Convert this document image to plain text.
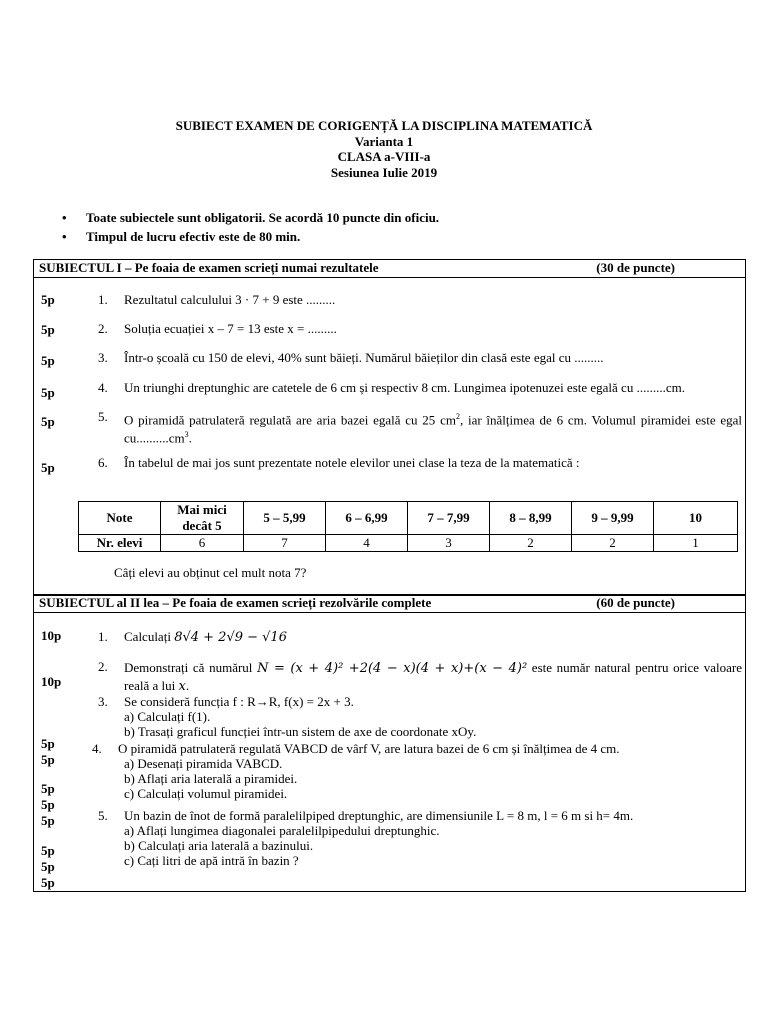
SUBIECT EXAMEN DE CORIGENȚĂ LA DISCIPLINA MATEMATICĂ
Varianta 1
CLASA a-VIII-a
Sesiunea Iulie 2019
• Toate subiectele sunt obligatorii. Se acordă 10 puncte din oficiu.
• Timpul de lucru efectiv este de 80 min.
SUBIECTUL I – Pe foaia de examen scrieți numai rezultatele	(30 de puncte)
5p	1. Rezultatul calculului 3 · 7 + 9 este .........
5p	2. Soluția ecuației x – 7 = 13 este x = .........
5p	3. Într-o școală cu 150 de elevi, 40% sunt băieți. Numărul băieților din clasă este egal cu .........
5p	4. Un triunghi dreptunghic are catetele de 6 cm și respectiv 8 cm. Lungimea ipotenuzei este egală cu .........cm.
5p	5. O piramidă patrulateră regulată are aria bazei egală cu 25 $cm^2$, iar înălțimea de 6 cm. Volumul piramidei este egal $cu..........cm^3$.
5p	6. În tabelul de mai jos sunt prezentate notele elevilor unei clase la teza de la matematică :
Note	Mai mici
decât 5	5 – 5,99	6 – 6,99	7 – 7,99	8 – 8,99	9 – 9,99	10
Nr. elevi	6	7	4	3	2	2	1
Câți elevi au obținut cel mult nota 7?
SUBIECTUL al II lea – Pe foaia de examen scrieți rezolvările complete	(60 de puncte)
10p
10p
5p
5p
5p
5p
5p
5p
5p
5p
1. Calculați 8√4 + 2√9 − √16
2. Demonstrați că numărul N = (x + 4)² +2(4 − x)(4 + x)+(x − 4)² este număr natural pentru orice valoare reală a lui x.
3. Se consideră funcția f : R→R, f(x) = 2x + 3.
a) Calculați f(1).
b) Trasați graficul funcției într-un sistem de axe de coordonate xOy.
4. O piramidă patrulateră regulată VABCD de vârf V, are latura bazei de 6 cm și înălțimea de 4 cm.
a) Desenați piramida VABCD.
b) Aflați aria laterală a piramidei.
c) Calculați volumul piramidei.
5. Un bazin de înot de formă paralelilpiped dreptunghic, are dimensiunile L = 8 m, l = 6 m si h= 4m.
a) Aflați lungimea diagonalei paralelilpipedului dreptunghic.
b) Calculați aria laterală a bazinului.
c) Cați litri de apă intră în bazin ?
